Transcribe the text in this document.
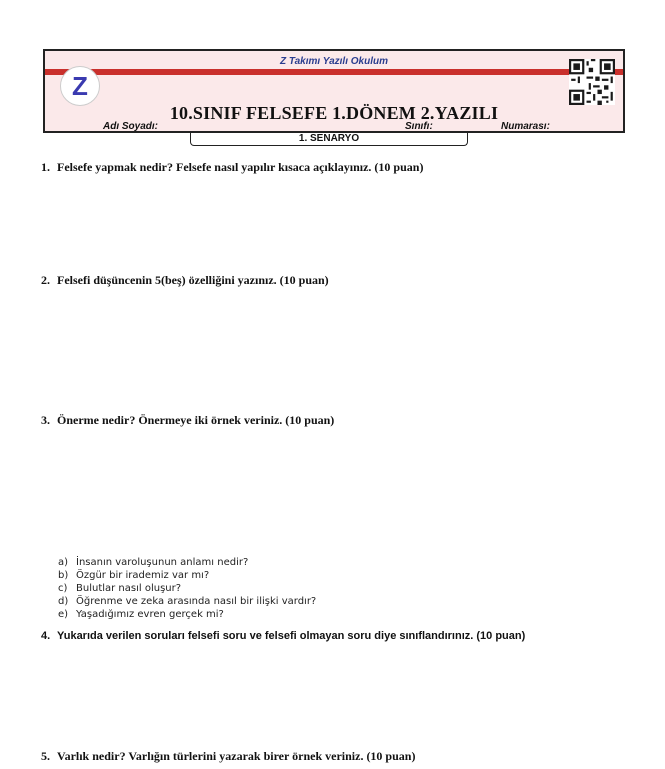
Z Takımı Yazılı Okulum
Z
10.SINIF FELSEFE 1.DÖNEM 2.YAZILI
Adı Soyadı:	Sınıfı:	Numarası:
1. SENARYO
1. Felsefe yapmak nedir? Felsefe nasıl yapılır kısaca açıklayınız. (10 puan)
2. Felsefi düşüncenin 5(beş) özelliğini yazınız. (10 puan)
3. Önerme nedir? Önermeye iki örnek veriniz. (10 puan)
a) İnsanın varoluşunun anlamı nedir?
b) Özgür bir irademiz var mı?
c) Bulutlar nasıl oluşur?
d) Öğrenme ve zeka arasında nasıl bir ilişki vardır?
e) Yaşadığımız evren gerçek mi?
4. Yukarıda verilen soruları felsefi soru ve felsefi olmayan soru diye sınıflandırınız. (10 puan)
5. Varlık nedir? Varlığın türlerini yazarak birer örnek veriniz. (10 puan)
